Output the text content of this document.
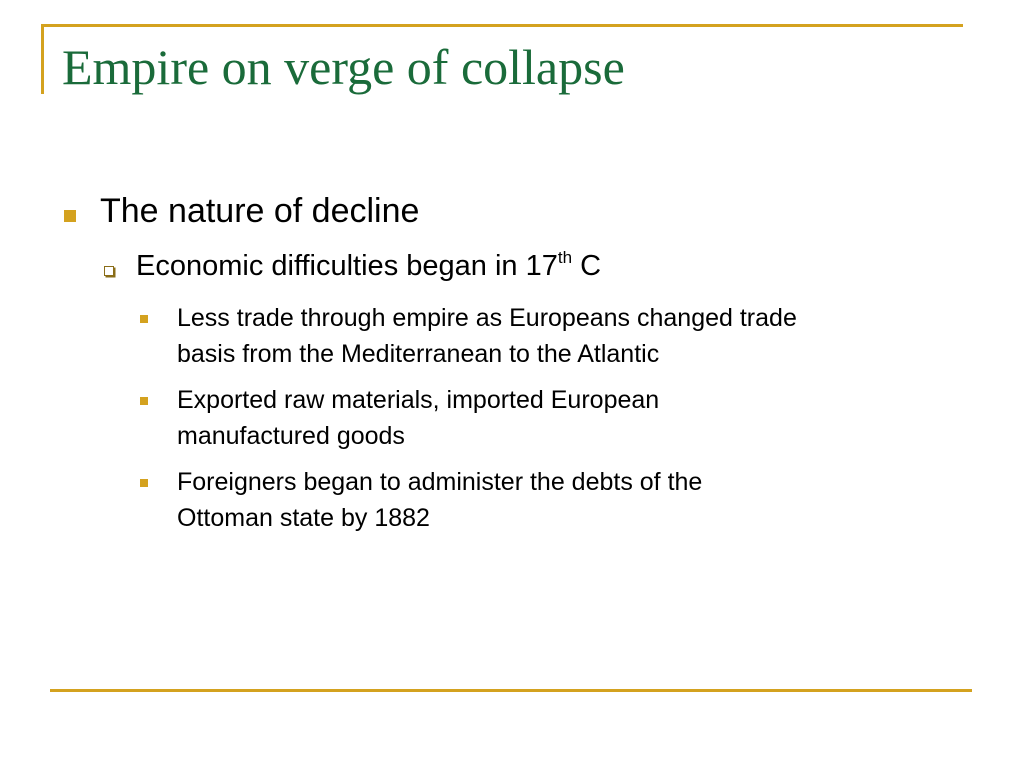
Empire on verge of collapse
The nature of decline
Economic difficulties began in 17th C
Less trade through empire as Europeans changed trade
basis from the Mediterranean to the Atlantic
Exported raw materials, imported European
manufactured goods
Foreigners began to administer the debts of the
Ottoman state by 1882
